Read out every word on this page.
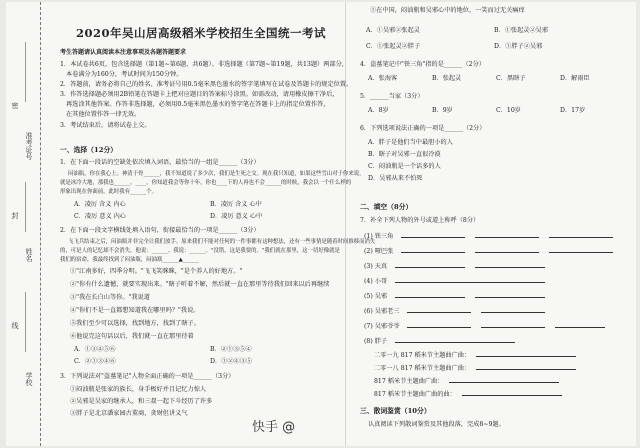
准考证号
姓名
学校
密
封
线
2020年吴山居高级稻米学校招生全国统一考试
考生答题请认真阅读本注意事项及各题答题要求
1．本试卷共6页，包含选择题（第1题~第6题，共6题）、非选择题（第7题~第19题，共13题）两部分，
本卷满分为160分，考试时间为150分钟。
2．答题前，请务必将自己的姓名、准考证号用0.5毫米黑色墨水的签字笔填写在试卷及答题卡的规定位置。
3．作答选择题必须用2B铅笔在答题卡上把对应题目的答案标号涂黑。如需改动，请用橡皮擦干净后，
再选涂其他答案。作答非选择题，必须用0.5毫米黑色墨水的签字笔在答题卡上的指定位置作答，
在其他位置作答一律无效。
3．考试结束后，请将试卷上交。
一、选择（12分）
1．在下面一段话的空缺处依次填入词语，最恰当的一组是______（3分）
闷油瓶，你在我心上。神清于骨______，我不知道说了多少次，我们是生死之交。现在我只知道，如果这些雪山对于你来说，
就是冰冷大地，那我也______。____，你知道我会等你十年，你也____下的人再也不会______的时候，我会以一个什么样的
形象出现在你面前，此时我有______个。
A．凌厉 含义 内心	B．凌厉 含义 心中
C．凌厉 意义 内心	D．凌厉 意义 心中
2．在下面一段文字横线处填入语句，衔接最恰当的一项是______（3分）
飞飞兵结束之后，闷油瓶并非完全让我们放手。原来我们不能对任何的一件事都有这种想法，还有一些事情是随着时间推移而消失
的，可是人的记忆却不会消失。他说：______。我说：______。"没错，这是我要的。"我们就在那里，这一切好像就是
我们的宿命，我最终找到了闷油瓶，闷油瓶______▲______
①"江南多好，四季分明。"飞飞笑眯眯，"是个养人的好地方。"
②"你有什么遗憾，就要实现出来。"瞎子听着不解，然后就一直在那里等待我们回来以后再继续
③"我在长白山等你。"我说道
④"你们不是一直都想知道我在哪里吗？"我说。
⑤我们至少可以选择，找到地方，找到了瞎子。
⑥他说完这句话以后，我们就一直在那里待着
A．①③④⑤⑥	B．②①③⑤④
C．②①③④⑥	D．①②④③⑤
3．下列说法对"盗墓笔记"人物全面正确的一项是______（3分）
①闷油瓶是张家的族长，身手极好并且记忆力惊人
②吴邪是吴家的继承人，和三叔一起下斗经历了许多
③胖子是北京潘家园古董商，贪财但讲义气
①在中国，闷油瓶和吴邪心中的地位，一笑而过无关痛痒
A．①吴邪②张起灵	B．①张起灵②吴邪
C．①张起灵②胖子	D．①胖子②吴邪
4．盗墓笔记中"铁三角"指的是______（2分）
A．张海客	B．张起灵	C．黑瞎子	D．解雨臣
5．______当家（3分）
A．8岁	B．9岁	C．10岁	D．17岁
6．下列选项说法正确的一项是______（2分）
A．胖子是他们当中最胆小的人
B．瞎子对吴邪一直很冷漠
C．闷油瓶是一个话多的人
D．吴邪从来不怕死
二、填空（8分）
7．补全下列人物的外号或道上称呼（8分）
(1) 铁三角
(2) 哑巴张
(3) 天真
(4) 小哥
(5) 吴邪
(6) 吴邪老三
(7) 吴邪爷爷
(8) 胖子
二零一九 817 稻米节主题曲广曲：
二零一八 817 稻米节主题曲广曲：
817 稻米节主题曲广曲：
817 稻米节主题曲广曲的曲：
三、散词鉴赏（10分）
认真阅读下列散词鉴赏及其他段落，完成8~9题。
快手 @
